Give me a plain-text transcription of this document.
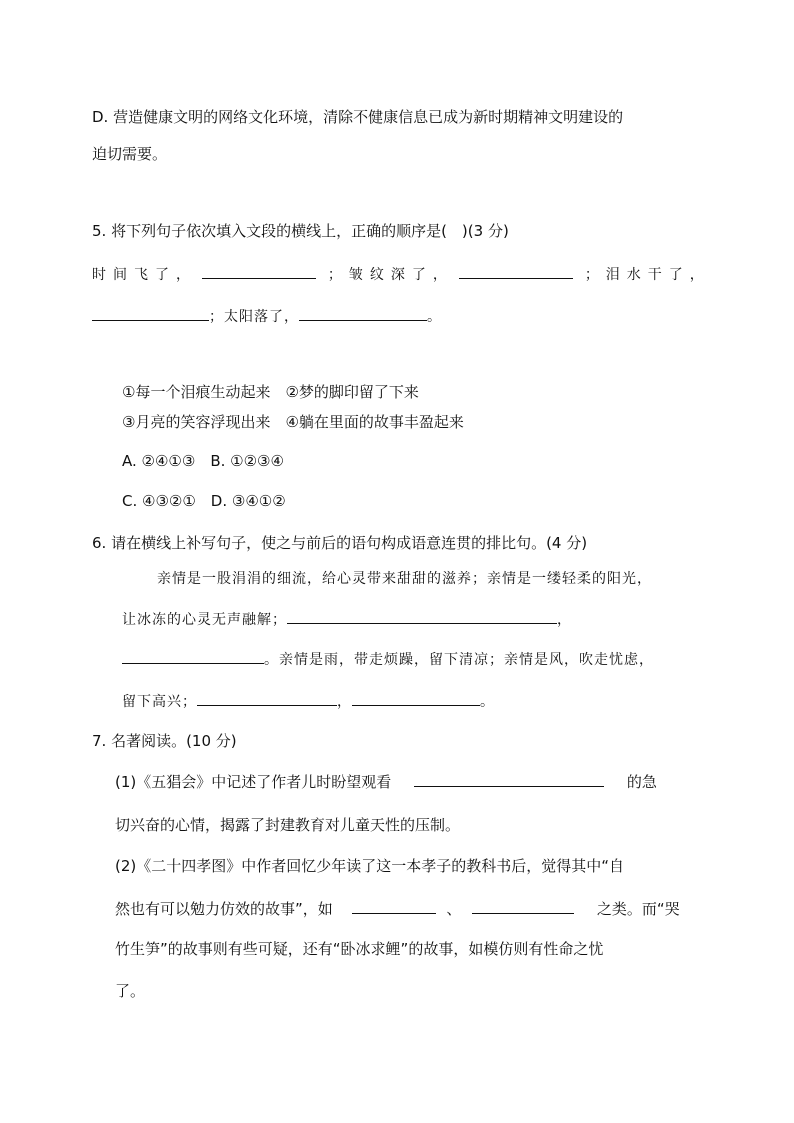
D. 营造健康文明的网络文化环境，清除不健康信息已成为新时期精神文明建设的
迫切需要。
5. 将下列句子依次填入文段的横线上，正确的顺序是(　)(3 分)
时间飞了，	；皱纹深了，	；泪水干了，
；太阳落了，	。
①每一个泪痕生动起来　②梦的脚印留了下来
③月亮的笑容浮现出来　④躺在里面的故事丰盈起来
A. ②④①③　B. ①②③④
C. ④③②①　D. ③④①②
6. 请在横线上补写句子，使之与前后的语句构成语意连贯的排比句。(4 分)
亲情是一股涓涓的细流，给心灵带来甜甜的滋养；亲情是一缕轻柔的阳光，
让冰冻的心灵无声融解；	，
。亲情是雨，带走烦躁，留下清凉；亲情是风，吹走忧虑，
留下高兴；	，	。
7. 名著阅读。(10 分)
(1)《五猖会》中记述了作者儿时盼望观看	的急
切兴奋的心情，揭露了封建教育对儿童天性的压制。
(2)《二十四孝图》中作者回忆少年读了这一本孝子的教科书后，觉得其中“自
然也有可以勉力仿效的故事”，如	、	之类。而“哭
竹生笋”的故事则有些可疑，还有“卧冰求鲤”的故事，如模仿则有性命之忧
了。
